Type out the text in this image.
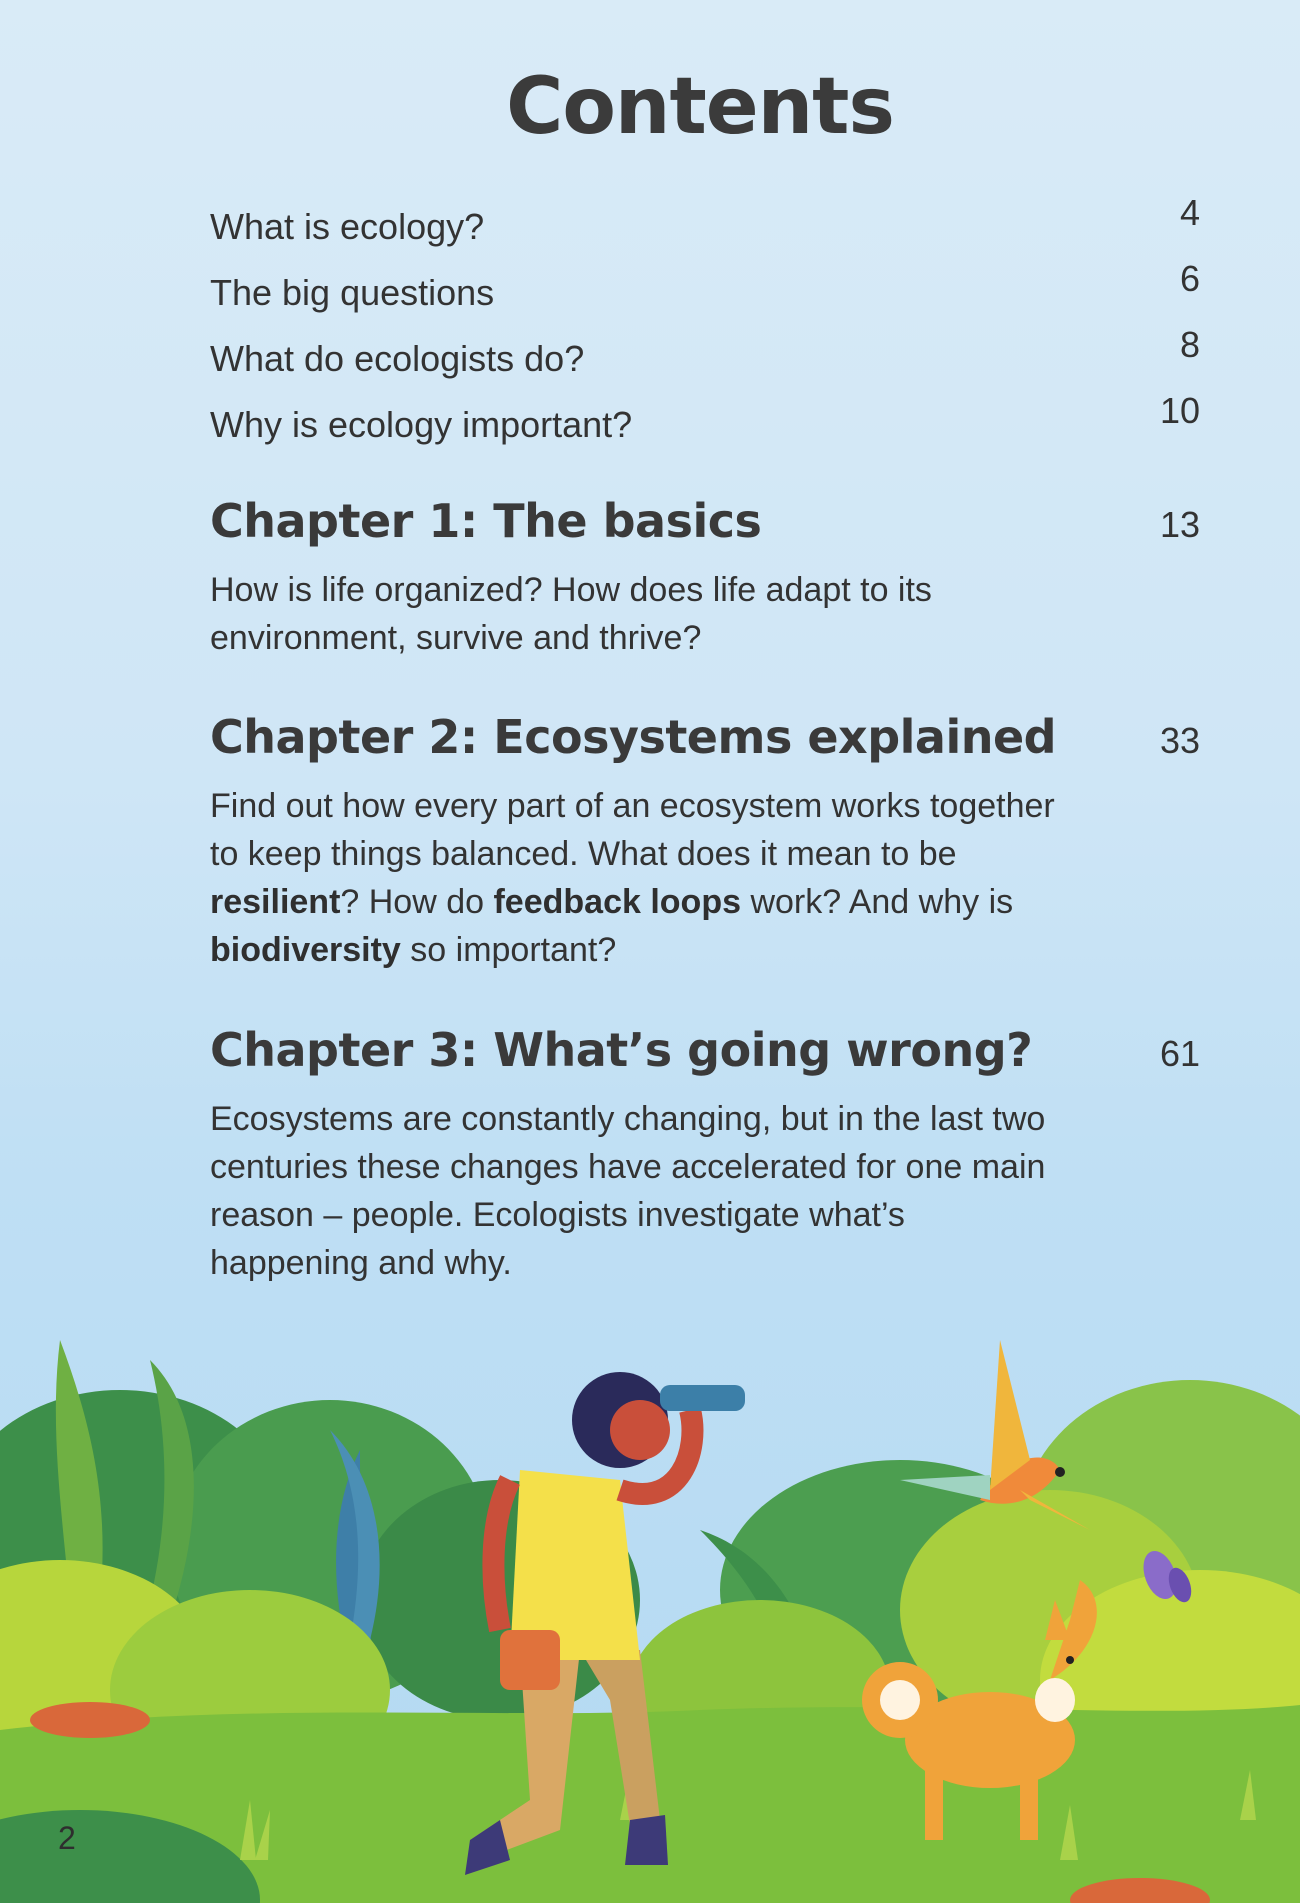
Contents
What is ecology?	4
The big questions	6
What do ecologists do?	8
Why is ecology important?	10
Chapter 1: The basics	13
How is life organized? How does life adapt to its environment, survive and thrive?
Chapter 2: Ecosystems explained	33
Find out how every part of an ecosystem works together to keep things balanced. What does it mean to be resilient? How do feedback loops work? And why is biodiversity so important?
Chapter 3: What’s going wrong?	61
Ecosystems are constantly changing, but in the last two centuries these changes have accelerated for one main reason – people. Ecologists investigate what’s happening and why.
2
